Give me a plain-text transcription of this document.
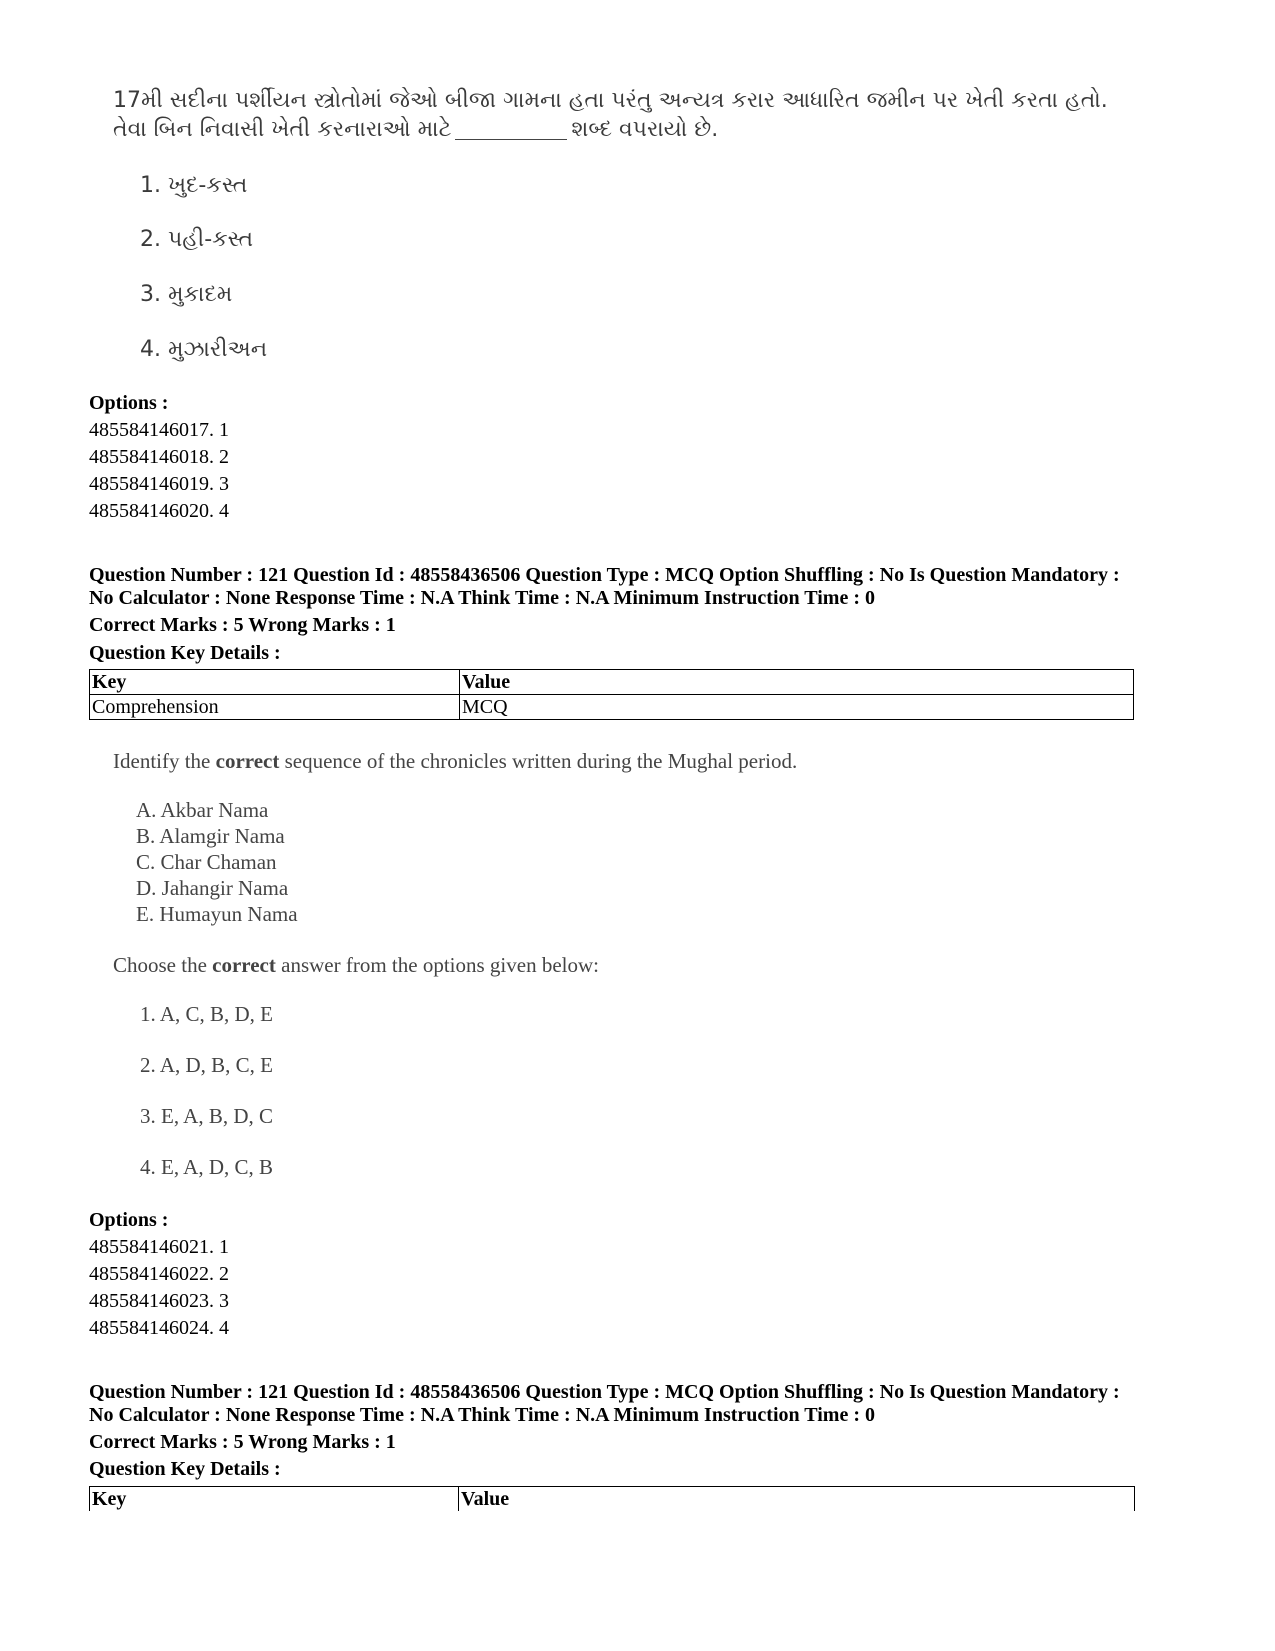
17મી સદીના પર્શીયન સ્ત્રોતોમાં જેઓ બીજા ગામના હતા પરંતુ અન્યત્ર કરાર આધારિત જમીન પર ખેતી કરતા હતો.
તેવા બિન નિવાસી ખેતી કરનારાઓ માટે	શબ્દ વપરાયો છે.
1. ખુદ-કસ્ત
2. પહી-કસ્ત
3. મુકાદમ
4. મુઝારીઅન
Options :
485584146017. 1
485584146018. 2
485584146019. 3
485584146020. 4
Question Number : 121 Question Id : 48558436506 Question Type : MCQ Option Shuffling : No Is Question Mandatory :
No Calculator : None Response Time : N.A Think Time : N.A Minimum Instruction Time : 0
Correct Marks : 5 Wrong Marks : 1
Question Key Details :
Key	Value
Comprehension	MCQ
Identify the correct sequence of the chronicles written during the Mughal period.
A. Akbar Nama
B. Alamgir Nama
C. Char Chaman
D. Jahangir Nama
E. Humayun Nama
Choose the correct answer from the options given below:
1. A, C, B, D, E
2. A, D, B, C, E
3. E, A, B, D, C
4. E, A, D, C, B
Options :
485584146021. 1
485584146022. 2
485584146023. 3
485584146024. 4
Question Number : 121 Question Id : 48558436506 Question Type : MCQ Option Shuffling : No Is Question Mandatory :
No Calculator : None Response Time : N.A Think Time : N.A Minimum Instruction Time : 0
Correct Marks : 5 Wrong Marks : 1
Question Key Details :
Key	Value
